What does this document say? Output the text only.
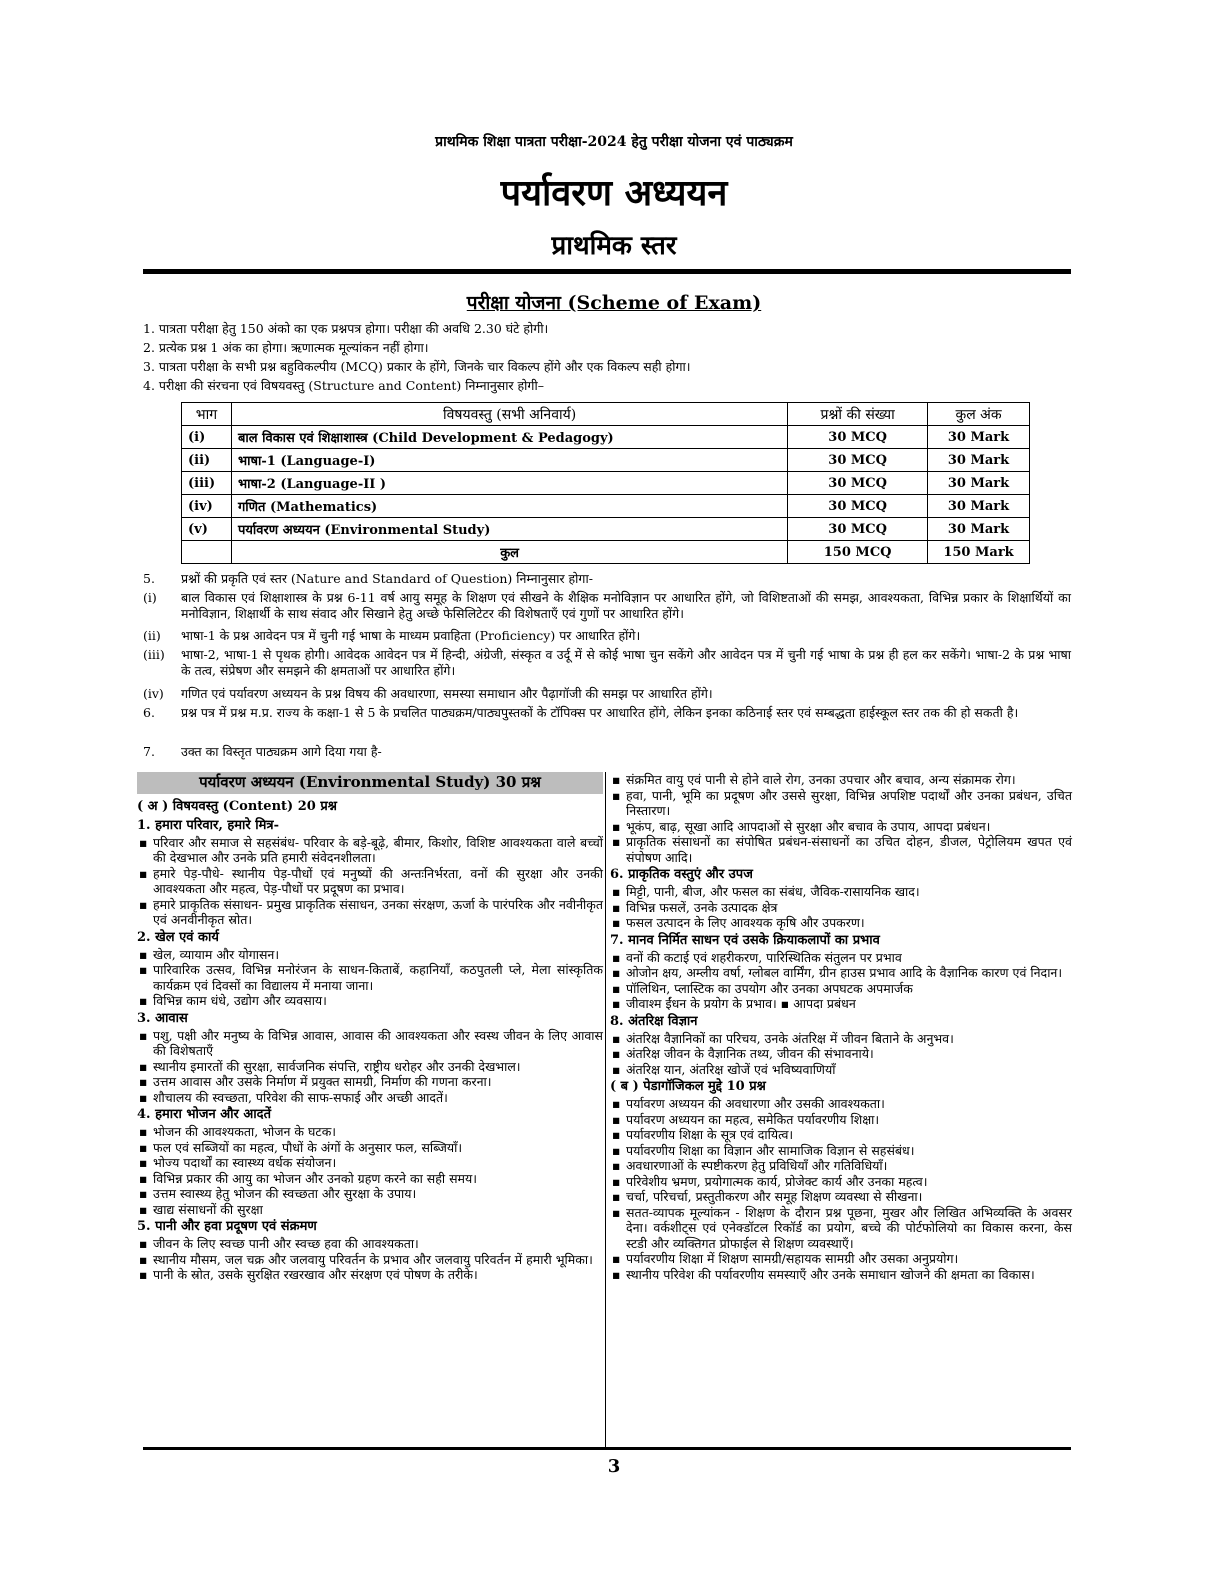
प्राथमिक शिक्षा पात्रता परीक्षा-2024 हेतु परीक्षा योजना एवं पाठ्यक्रम
पर्यावरण अध्ययन
प्राथमिक स्तर
परीक्षा योजना (Scheme of Exam)
1. पात्रता परीक्षा हेतु 150 अंको का एक प्रश्नपत्र होगा। परीक्षा की अवधि 2.30 घंटे होगी।
2. प्रत्येक प्रश्न 1 अंक का होगा। ऋणात्मक मूल्यांकन नहीं होगा।
3. पात्रता परीक्षा के सभी प्रश्न बहुविकल्पीय (MCQ) प्रकार के होंगे, जिनके चार विकल्प होंगे और एक विकल्प सही होगा।
4. परीक्षा की संरचना एवं विषयवस्तु (Structure and Content) निम्नानुसार होगी–
भाग	विषयवस्तु (सभी अनिवार्य)	प्रश्नों की संख्या	कुल अंक
(i)	बाल विकास एवं शिक्षाशास्त्र (Child Development & Pedagogy)	30 MCQ	30 Mark
(ii)	भाषा-1 (Language-I)	30 MCQ	30 Mark
(iii)	भाषा-2 (Language-II )	30 MCQ	30 Mark
(iv)	गणित (Mathematics)	30 MCQ	30 Mark
(v)	पर्यावरण अध्ययन (Environmental Study)	30 MCQ	30 Mark
	कुल	150 MCQ	150 Mark
5. प्रश्नों की प्रकृति एवं स्तर (Nature and Standard of Question) निम्नानुसार होगा-
(i) बाल विकास एवं शिक्षाशास्त्र के प्रश्न 6-11 वर्ष आयु समूह के शिक्षण एवं सीखने के शैक्षिक मनोविज्ञान पर आधारित होंगे, जो विशिष्टताओं की समझ, आवश्यकता, विभिन्न प्रकार के शिक्षार्थियों का मनोविज्ञान, शिक्षार्थी के साथ संवाद और सिखाने हेतु अच्छे फेसिलिटेटर की विशेषताएँ एवं गुणों पर आधारित होंगे।
(ii) भाषा-1 के प्रश्न आवेदन पत्र में चुनी गई भाषा के माध्यम प्रवाहिता (Proficiency) पर आधारित होंगे।
(iii) भाषा-2, भाषा-1 से पृथक होगी। आवेदक आवेदन पत्र में हिन्दी, अंग्रेजी, संस्कृत व उर्दू में से कोई भाषा चुन सकेंगे और आवेदन पत्र में चुनी गई भाषा के प्रश्न ही हल कर सकेंगे। भाषा-2 के प्रश्न भाषा के तत्व, संप्रेषण और समझने की क्षमताओं पर आधारित होंगे।
(iv) गणित एवं पर्यावरण अध्ययन के प्रश्न विषय की अवधारणा, समस्या समाधान और पैढ़ागॉजी की समझ पर आधारित होंगे।
6. प्रश्न पत्र में प्रश्न म.प्र. राज्य के कक्षा-1 से 5 के प्रचलित पाठ्यक्रम/पाठ्यपुस्तकों के टॉपिक्स पर आधारित होंगे, लेकिन इनका कठिनाई स्तर एवं सम्बद्धता हाईस्कूल स्तर तक की हो सकती है।
7. उक्त का विस्तृत पाठ्यक्रम आगे दिया गया है-
पर्यावरण अध्ययन (Environmental Study) 30 प्रश्न
( अ ) विषयवस्तु (Content) 20 प्रश्न
1. हमारा परिवार, हमारे मित्र-
▪ परिवार और समाज से सहसंबंध- परिवार के बड़े-बूढ़े, बीमार, किशोर, विशिष्ट आवश्यकता वाले बच्चों की देखभाल और उनके प्रति हमारी संवेदनशीलता।
▪ हमारे पेड़-पौधे- स्थानीय पेड़-पौधों एवं मनुष्यों की अन्तःनिर्भरता, वनों की सुरक्षा और उनकी आवश्यकता और महत्व, पेड़-पौधों पर प्रदूषण का प्रभाव।
▪ हमारे प्राकृतिक संसाधन- प्रमुख प्राकृतिक संसाधन, उनका संरक्षण, ऊर्जा के पारंपरिक और नवीनीकृत एवं अनवीनीकृत स्रोत।
2. खेल एवं कार्य
▪ खेल, व्यायाम और योगासन।
▪ पारिवारिक उत्सव, विभिन्न मनोरंजन के साधन-किताबें, कहानियाँ, कठपुतली प्ले, मेला सांस्कृतिक कार्यक्रम एवं दिवसों का विद्यालय में मनाया जाना।
▪ विभिन्न काम धंधे, उद्योग और व्यवसाय।
3. आवास
▪ पशु, पक्षी और मनुष्य के विभिन्न आवास, आवास की आवश्यकता और स्वस्थ जीवन के लिए आवास की विशेषताएँ
▪ स्थानीय इमारतों की सुरक्षा, सार्वजनिक संपत्ति, राष्ट्रीय धरोहर और उनकी देखभाल।
▪ उत्तम आवास और उसके निर्माण में प्रयुक्त सामग्री, निर्माण की गणना करना।
▪ शौचालय की स्वच्छता, परिवेश की साफ-सफाई और अच्छी आदतें।
4. हमारा भोजन और आदतें
▪ भोजन की आवश्यकता, भोजन के घटक।
▪ फल एवं सब्जियों का महत्व, पौधों के अंगों के अनुसार फल, सब्जियाँ।
▪ भोज्य पदार्थों का स्वास्थ्य वर्धक संयोजन।
▪ विभिन्न प्रकार की आयु का भोजन और उनको ग्रहण करने का सही समय।
▪ उत्तम स्वास्थ्य हेतु भोजन की स्वच्छता और सुरक्षा के उपाय।
▪ खाद्य संसाधनों की सुरक्षा
5. पानी और हवा प्रदूषण एवं संक्रमण
▪ जीवन के लिए स्वच्छ पानी और स्वच्छ हवा की आवश्यकता।
▪ स्थानीय मौसम, जल चक्र और जलवायु परिवर्तन के प्रभाव और जलवायु परिवर्तन में हमारी भूमिका।
▪ पानी के स्रोत, उसके सुरक्षित रखरखाव और संरक्षण एवं पोषण के तरीके।
▪ संक्रमित वायु एवं पानी से होने वाले रोग, उनका उपचार और बचाव, अन्य संक्रामक रोग।
▪ हवा, पानी, भूमि का प्रदूषण और उससे सुरक्षा, विभिन्न अपशिष्ट पदार्थों और उनका प्रबंधन, उचित निस्तारण।
▪ भूकंप, बाढ़, सूखा आदि आपदाओं से सुरक्षा और बचाव के उपाय, आपदा प्रबंधन।
▪ प्राकृतिक संसाधनों का संपोषित प्रबंधन-संसाधनों का उचित दोहन, डीजल, पेट्रोलियम खपत एवं संपोषण आदि।
6. प्राकृतिक वस्तुएं और उपज
▪ मिट्टी, पानी, बीज, और फसल का संबंध, जैविक-रासायनिक खाद।
▪ विभिन्न फसलें, उनके उत्पादक क्षेत्र
▪ फसल उत्पादन के लिए आवश्यक कृषि और उपकरण।
7. मानव निर्मित साधन एवं उसके क्रियाकलापों का प्रभाव
▪ वनों की कटाई एवं शहरीकरण, पारिस्थितिक संतुलन पर प्रभाव
▪ ओजोन क्षय, अम्लीय वर्षा, ग्लोबल वार्मिंग, ग्रीन हाउस प्रभाव आदि के वैज्ञानिक कारण एवं निदान।
▪ पॉलिथिन, प्लास्टिक का उपयोग और उनका अपघटक अपमार्जक
▪ जीवाश्म ईंधन के प्रयोग के प्रभाव। ▪ आपदा प्रबंधन
8. अंतरिक्ष विज्ञान
▪ अंतरिक्ष वैज्ञानिकों का परिचय, उनके अंतरिक्ष में जीवन बिताने के अनुभव।
▪ अंतरिक्ष जीवन के वैज्ञानिक तथ्य, जीवन की संभावनाये।
▪ अंतरिक्ष यान, अंतरिक्ष खोजें एवं भविष्यवाणियाँ
( ब ) पेडागॉजिकल मुद्दे 10 प्रश्न
▪ पर्यावरण अध्ययन की अवधारणा और उसकी आवश्यकता।
▪ पर्यावरण अध्ययन का महत्व, समेकित पर्यावरणीय शिक्षा।
▪ पर्यावरणीय शिक्षा के सूत्र एवं दायित्व।
▪ पर्यावरणीय शिक्षा का विज्ञान और सामाजिक विज्ञान से सहसंबंध।
▪ अवधारणाओं के स्पष्टीकरण हेतु प्रविधियाँ और गतिविधियाँ।
▪ परिवेशीय भ्रमण, प्रयोगात्मक कार्य, प्रोजेक्ट कार्य और उनका महत्व।
▪ चर्चा, परिचर्चा, प्रस्तुतीकरण और समूह शिक्षण व्यवस्था से सीखना।
▪ सतत-व्यापक मूल्यांकन - शिक्षण के दौरान प्रश्न पूछना, मुखर और लिखित अभिव्यक्ति के अवसर देना। वर्कशीट्स एवं एनेक्डॉटल रिकॉर्ड का प्रयोग, बच्चे की पोर्टफोलियो का विकास करना, केस स्टडी और व्यक्तिगत प्रोफाईल से शिक्षण व्यवस्थाएँ।
▪ पर्यावरणीय शिक्षा में शिक्षण सामग्री/सहायक सामग्री और उसका अनुप्रयोग।
▪ स्थानीय परिवेश की पर्यावरणीय समस्याएँ और उनके समाधान खोजने की क्षमता का विकास।
3
